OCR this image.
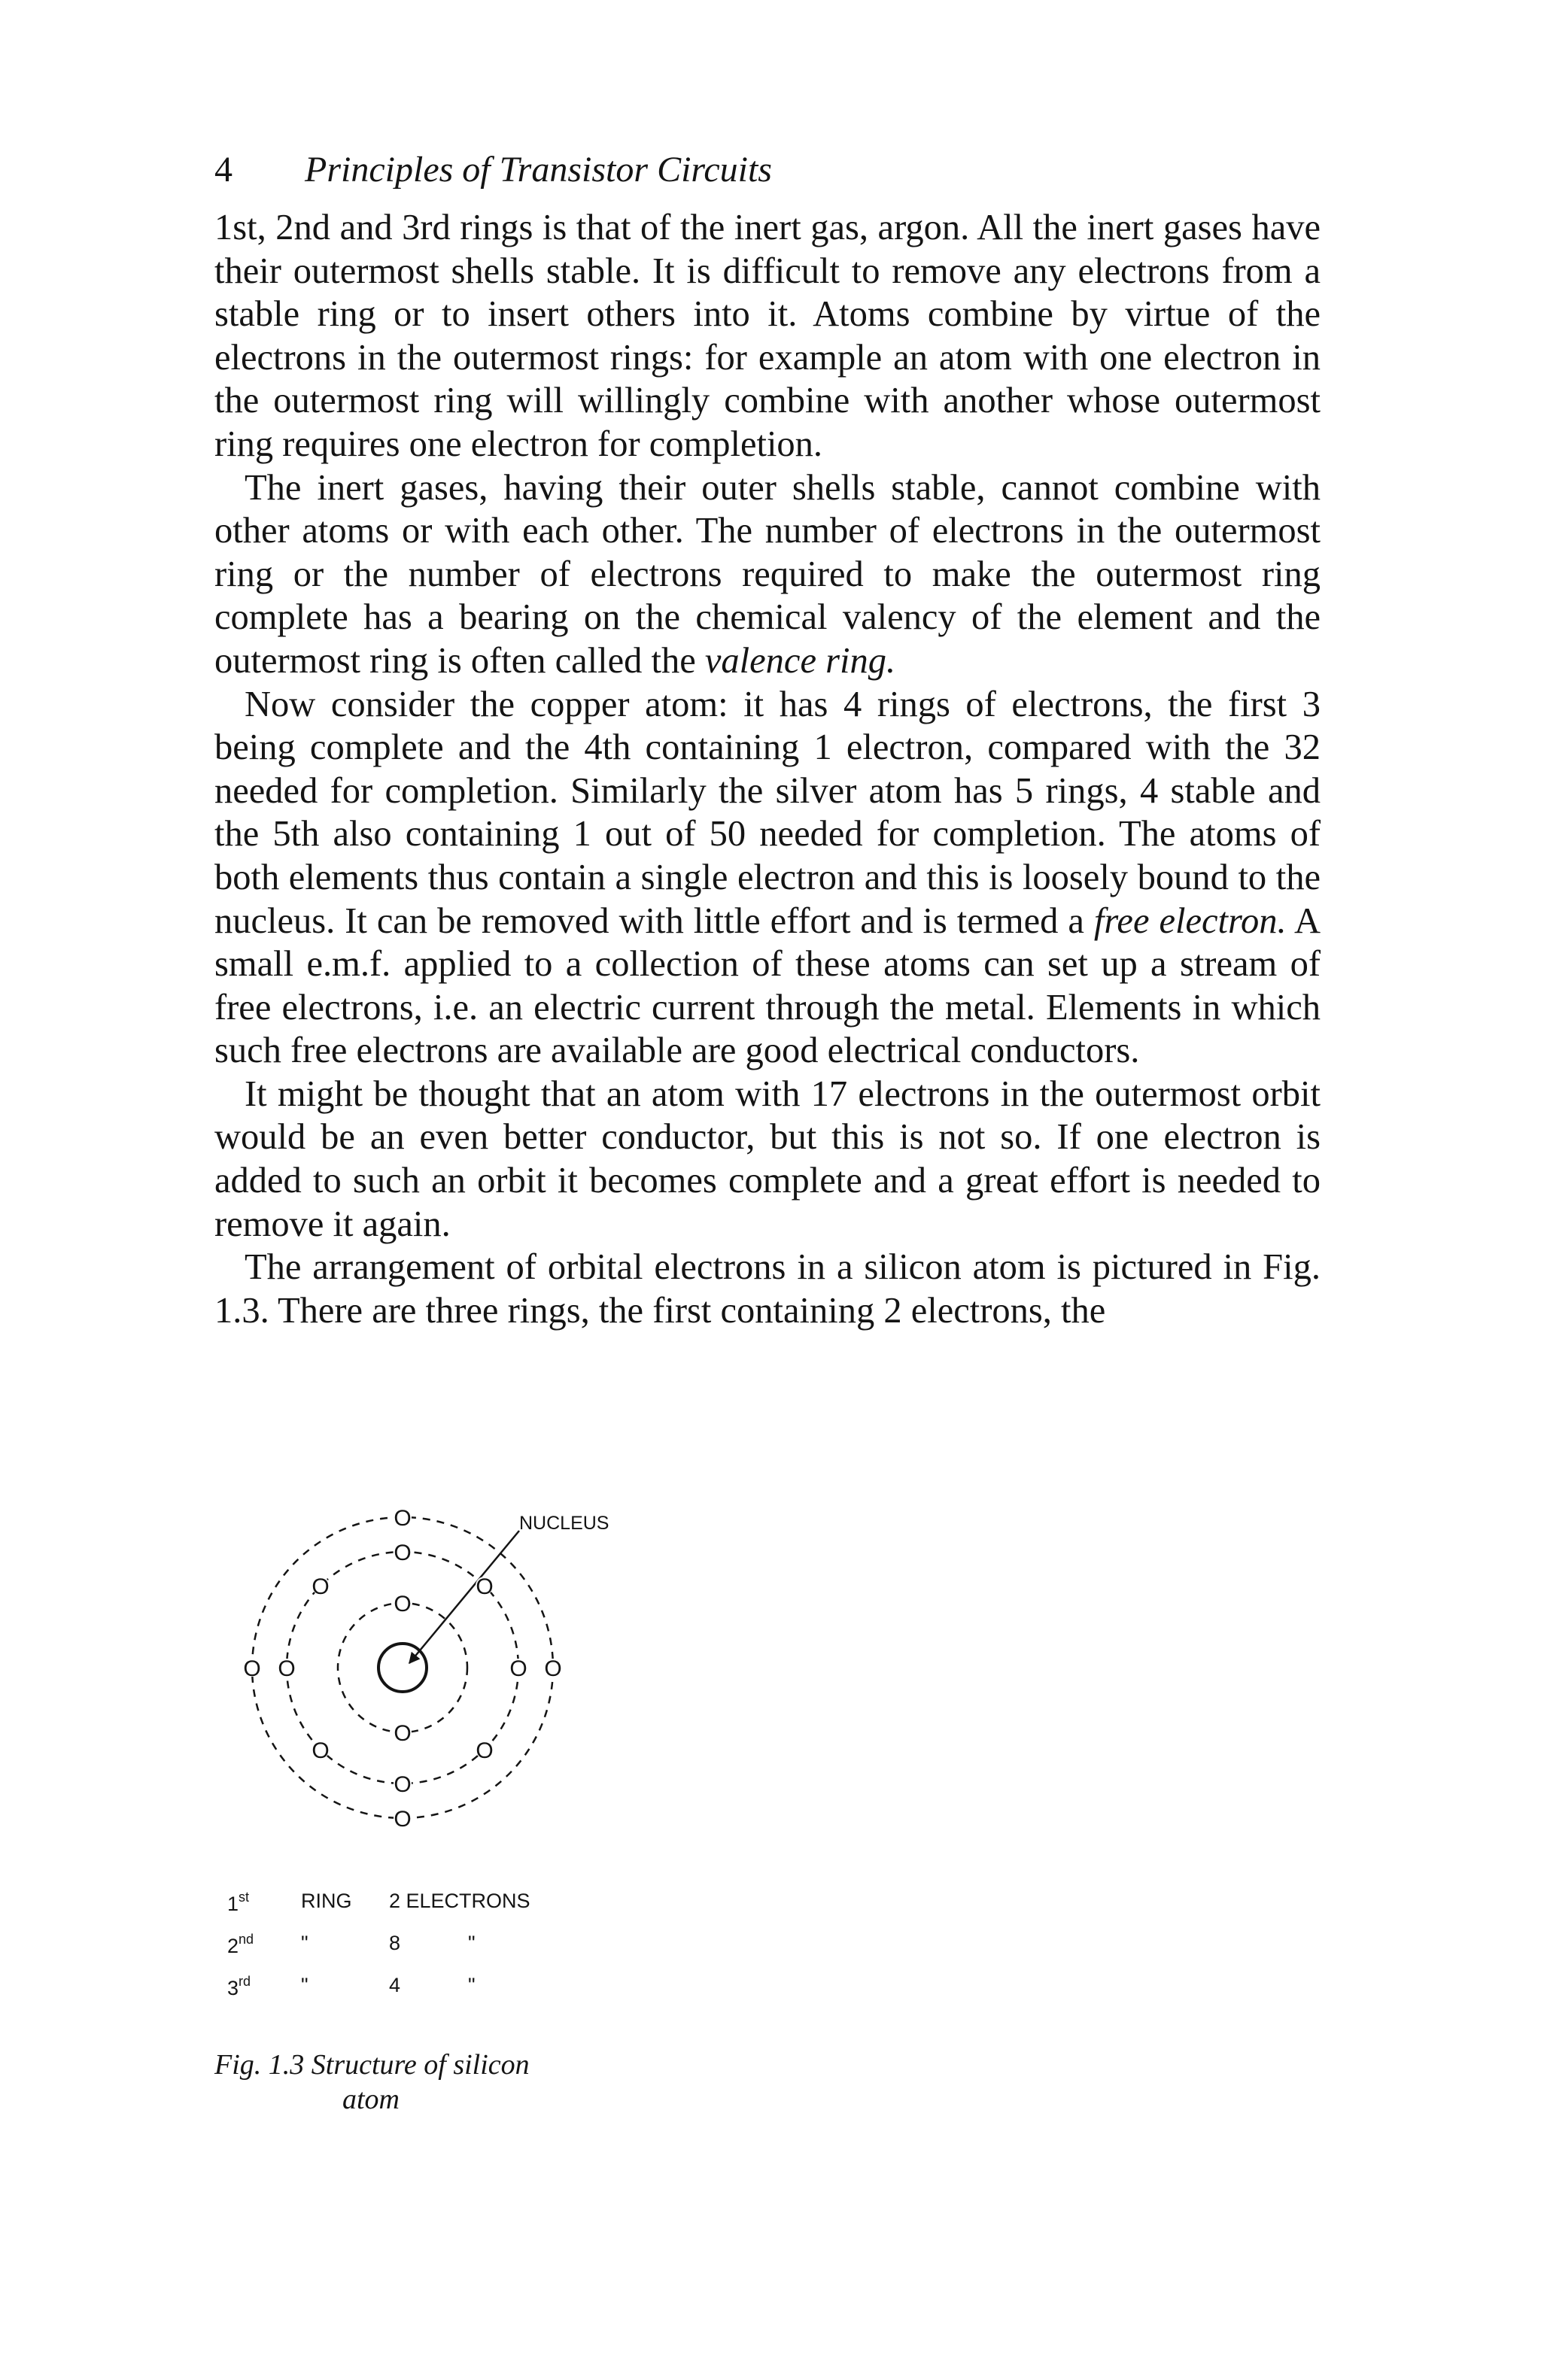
4 Principles of Transistor Circuits

1st, 2nd and 3rd rings is that of the inert gas, argon. All the inert gases have their outermost shells stable. It is difficult to remove any electrons from a stable ring or to insert others into it. Atoms combine by virtue of the electrons in the outermost rings: for example an atom with one electron in the outermost ring will willingly combine with another whose outermost ring requires one electron for completion.

The inert gases, having their outer shells stable, cannot combine with other atoms or with each other. The number of electrons in the outermost ring or the number of electrons required to make the outermost ring complete has a bearing on the chemical valency of the element and the outermost ring is often called the valence ring.

Now consider the copper atom: it has 4 rings of electrons, the first 3 being complete and the 4th containing 1 electron, compared with the 32 needed for completion. Similarly the silver atom has 5 rings, 4 stable and the 5th also containing 1 out of 50 needed for completion. The atoms of both elements thus contain a single electron and this is loosely bound to the nucleus. It can be removed with little effort and is termed a free electron. A small e.m.f. applied to a collection of these atoms can set up a stream of free electrons, i.e. an electric current through the metal. Elements in which such free electrons are available are good electrical conductors.

It might be thought that an atom with 17 electrons in the outermost orbit would be an even better conductor, but this is not so. If one electron is added to such an orbit it becomes complete and a great effort is needed to remove it again.

The arrangement of orbital electrons in a silicon atom is pictured in Fig. 1.3. There are three rings, the first containing 2 electrons, the

NUCLEUS
O
O
O
O
O	O
O	O
O	O
O
O
O	O
1st	RING 2 ELECTRONS
2nd "	8	"
3rd "	4	"
Fig. 1.3 Structure of silicon
atom
